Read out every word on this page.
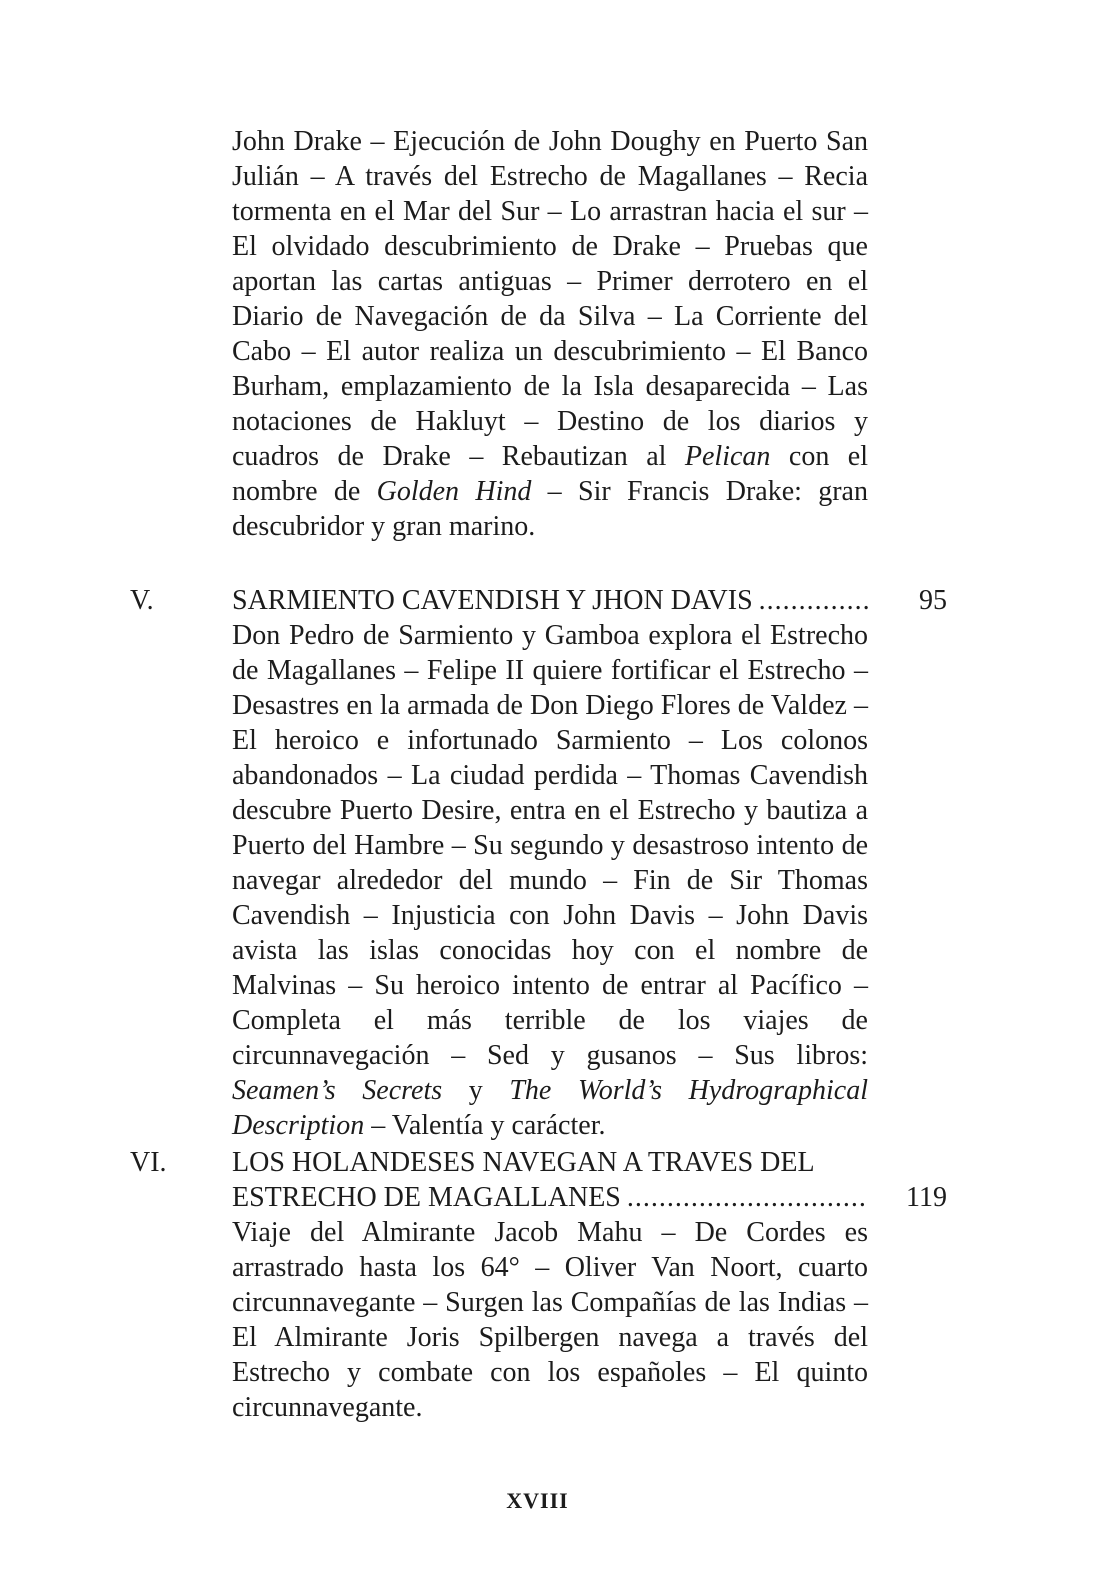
John Drake – Ejecución de John Doughy en Puerto San Julián – A través del Estrecho de Magallanes – Recia tormenta en el Mar del Sur – Lo arrastran hacia el sur – El olvidado descubrimiento de Drake – Pruebas que aportan las cartas antiguas – Primer derrotero en el Diario de Navegación de da Silva – La Corriente del Cabo – El autor realiza un descubrimiento – El Banco Burham, emplazamiento de la Isla desaparecida – Las notaciones de Hakluyt – Destino de los diarios y cuadros de Drake – Rebautizan al Pelican con el nombre de Golden Hind – Sir Francis Drake: gran descubridor y gran marino.
V.	SARMIENTO CAVENDISH Y JHON DAVIS .....	95
Don Pedro de Sarmiento y Gamboa explora el Estrecho de Magallanes – Felipe II quiere fortificar el Estrecho – Desastres en la armada de Don Diego Flores de Valdez – El heroico e infortunado Sarmiento – Los colonos abandonados – La ciudad perdida – Thomas Cavendish descubre Puerto Desire, entra en el Estrecho y bautiza a Puerto del Hambre – Su segundo y desastroso intento de navegar alrededor del mundo – Fin de Sir Thomas Cavendish – Injusticia con John Davis – John Davis avista las islas conocidas hoy con el nombre de Malvinas – Su heroico intento de entrar al Pacífico – Completa el más terrible de los viajes de circunnavegación – Sed y gusanos – Sus libros: Seamen’s Secrets y The World’s Hydrographical Description – Valentía y carácter.
VI. LOS HOLANDESES NAVEGAN A TRAVES DEL
ESTRECHO DE MAGALLANES .....	119
Viaje del Almirante Jacob Mahu – De Cordes es arrastrado hasta los 64° – Oliver Van Noort, cuarto circunnavegante – Surgen las Compañías de las Indias – El Almirante Joris Spilbergen navega a través del Estrecho y combate con los españoles – El quinto circunnavegante.
XVIII
